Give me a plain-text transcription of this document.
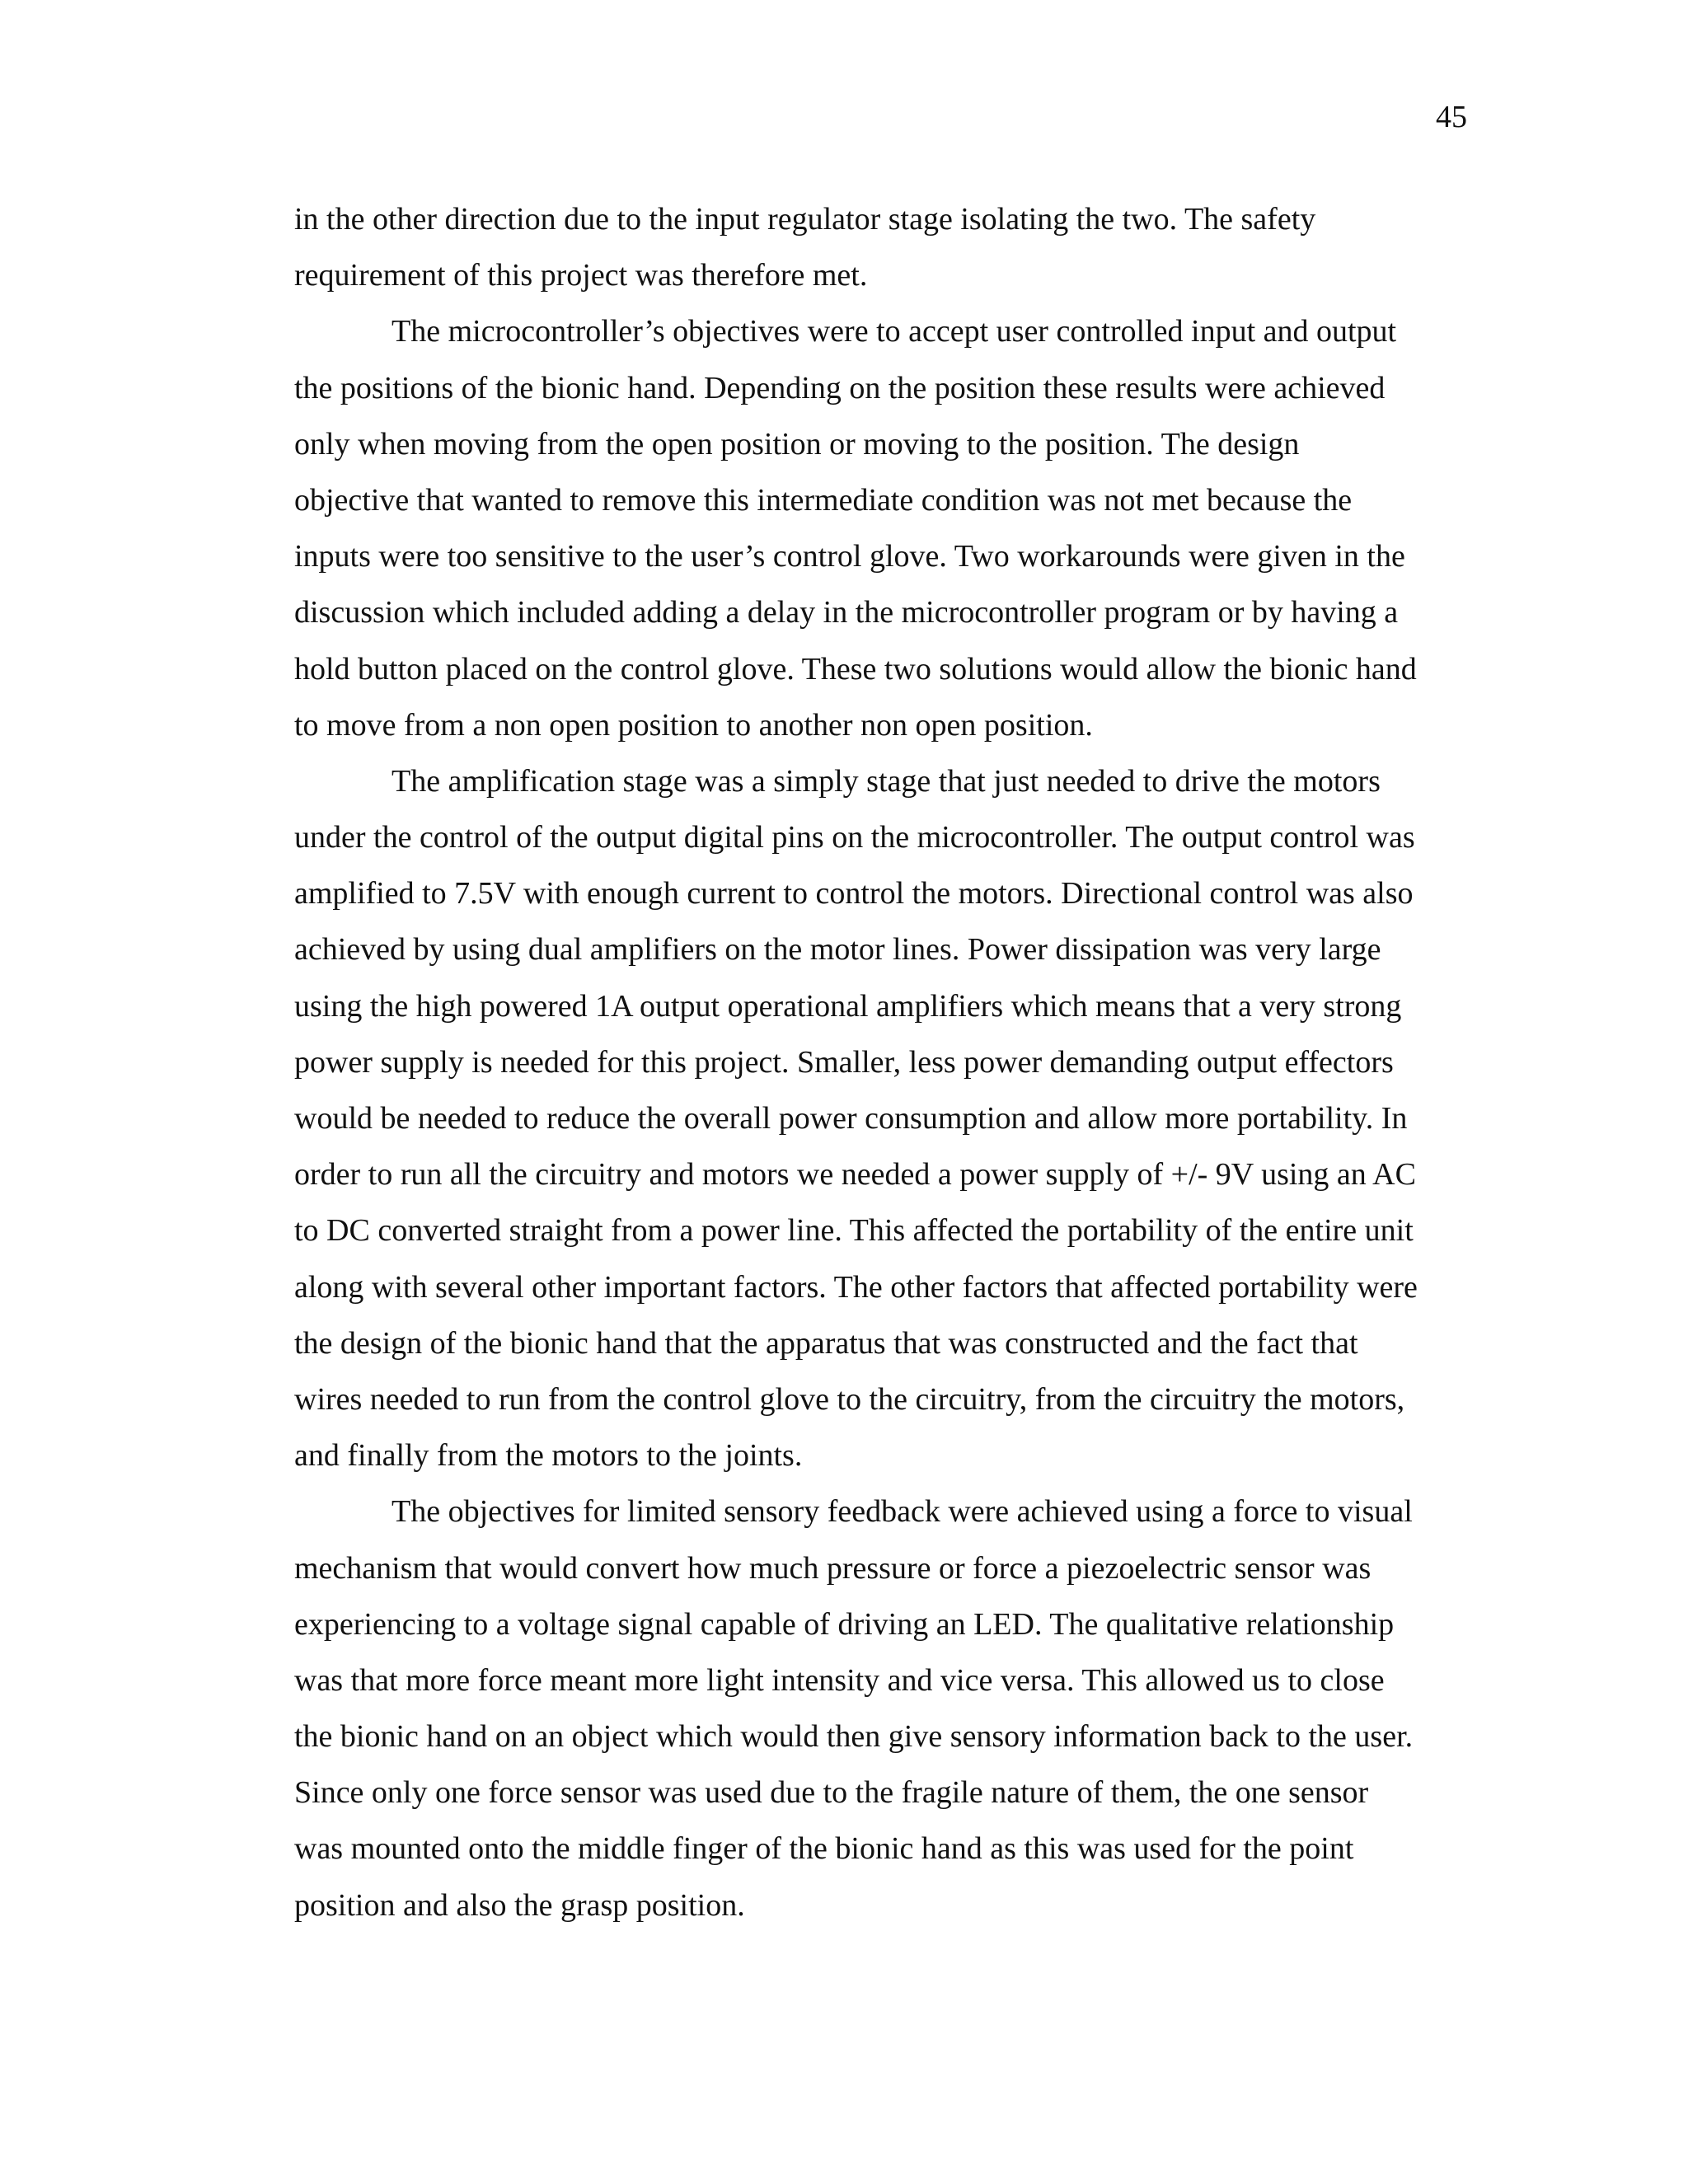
45
in the other direction due to the input regulator stage isolating the two. The safety
requirement of this project was therefore met.
The microcontroller’s objectives were to accept user controlled input and output
the positions of the bionic hand. Depending on the position these results were achieved
only when moving from the open position or moving to the position. The design
objective that wanted to remove this intermediate condition was not met because the
inputs were too sensitive to the user’s control glove. Two workarounds were given in the
discussion which included adding a delay in the microcontroller program or by having a
hold button placed on the control glove. These two solutions would allow the bionic hand
to move from a non open position to another non open position.
The amplification stage was a simply stage that just needed to drive the motors
under the control of the output digital pins on the microcontroller. The output control was
amplified to 7.5V with enough current to control the motors. Directional control was also
achieved by using dual amplifiers on the motor lines. Power dissipation was very large
using the high powered 1A output operational amplifiers which means that a very strong
power supply is needed for this project. Smaller, less power demanding output effectors
would be needed to reduce the overall power consumption and allow more portability. In
order to run all the circuitry and motors we needed a power supply of +/- 9V using an AC
to DC converted straight from a power line. This affected the portability of the entire unit
along with several other important factors. The other factors that affected portability were
the design of the bionic hand that the apparatus that was constructed and the fact that
wires needed to run from the control glove to the circuitry, from the circuitry the motors,
and finally from the motors to the joints.
The objectives for limited sensory feedback were achieved using a force to visual
mechanism that would convert how much pressure or force a piezoelectric sensor was
experiencing to a voltage signal capable of driving an LED. The qualitative relationship
was that more force meant more light intensity and vice versa. This allowed us to close
the bionic hand on an object which would then give sensory information back to the user.
Since only one force sensor was used due to the fragile nature of them, the one sensor
was mounted onto the middle finger of the bionic hand as this was used for the point
position and also the grasp position.
